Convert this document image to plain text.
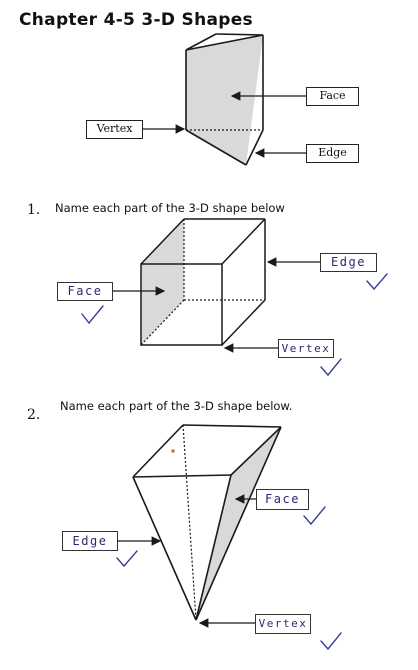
Chapter 4-5 3-D Shapes
Face
Vertex
Edge
1. Name each part of the 3-D shape below
Edge
Face
Vertex
2.
Name each part of the 3-D shape below.
Face
Edge
Vertex
